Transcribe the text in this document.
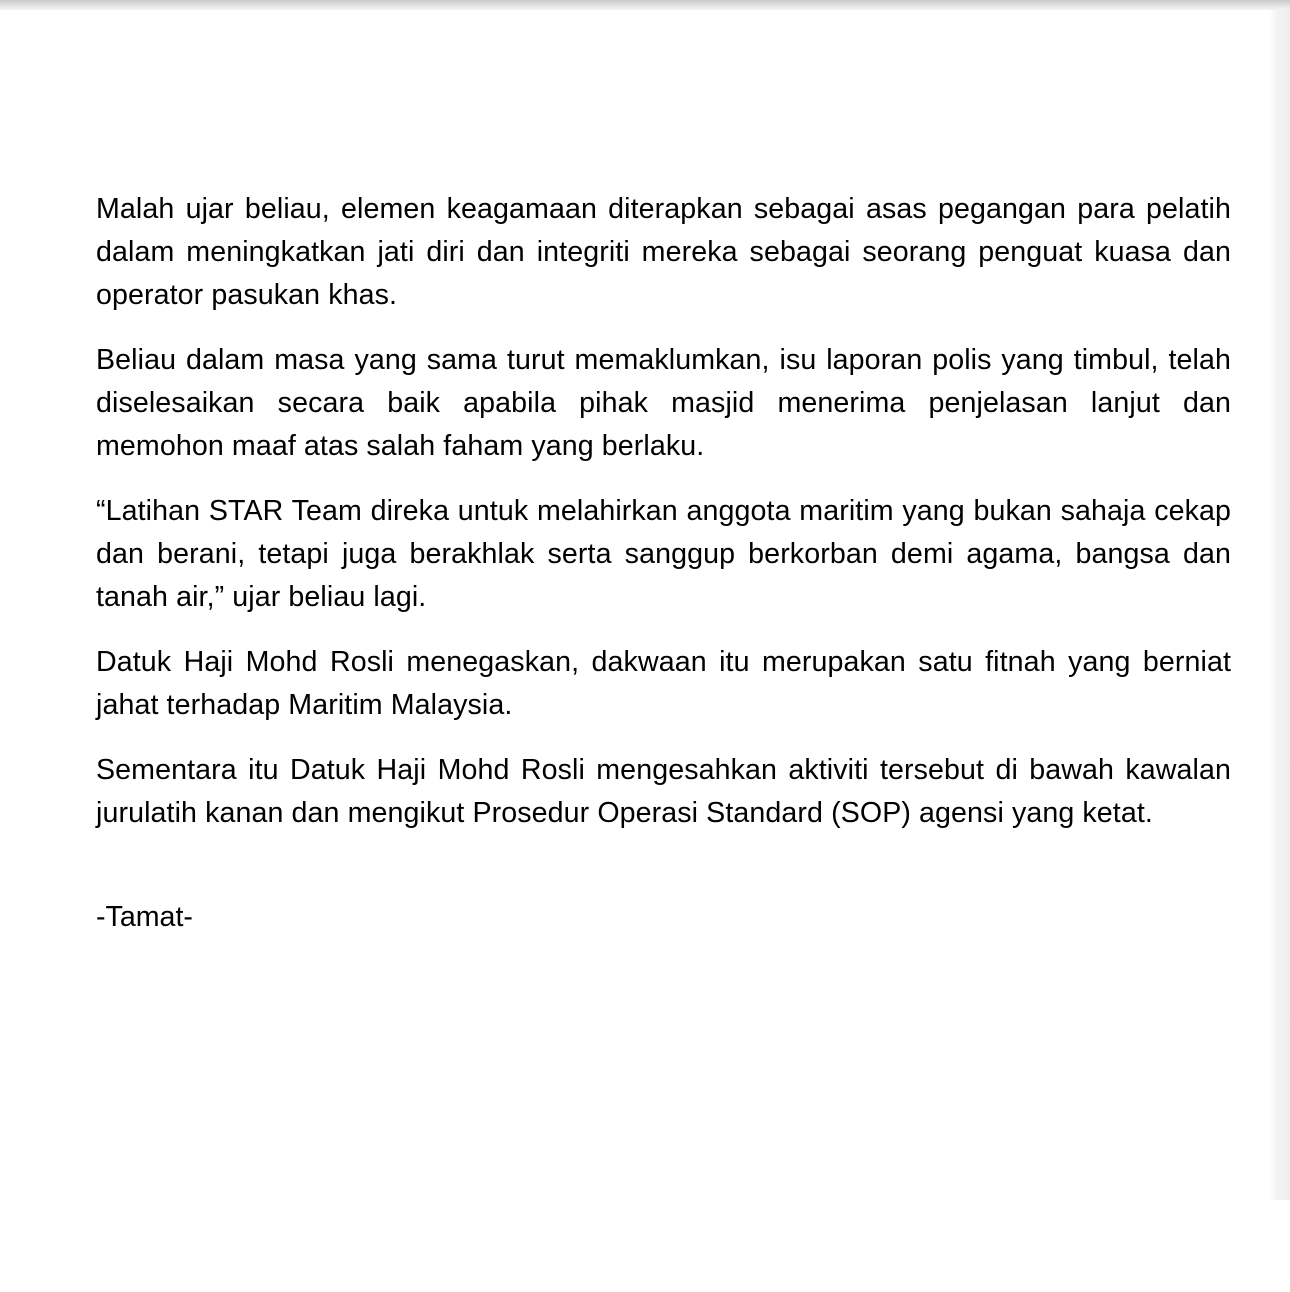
Malah ujar beliau, elemen keagamaan diterapkan sebagai asas pegangan para pelatih dalam meningkatkan jati diri dan integriti mereka sebagai seorang penguat kuasa dan operator pasukan khas.

Beliau dalam masa yang sama turut memaklumkan, isu laporan polis yang timbul, telah diselesaikan secara baik apabila pihak masjid menerima penjelasan lanjut dan memohon maaf atas salah faham yang berlaku.

“Latihan STAR Team direka untuk melahirkan anggota maritim yang bukan sahaja cekap dan berani, tetapi juga berakhlak serta sanggup berkorban demi agama, bangsa dan tanah air,” ujar beliau lagi.

Datuk Haji Mohd Rosli menegaskan, dakwaan itu merupakan satu fitnah yang berniat jahat terhadap Maritim Malaysia.

Sementara itu Datuk Haji Mohd Rosli mengesahkan aktiviti tersebut di bawah kawalan jurulatih kanan dan mengikut Prosedur Operasi Standard (SOP) agensi yang ketat.

-Tamat-
